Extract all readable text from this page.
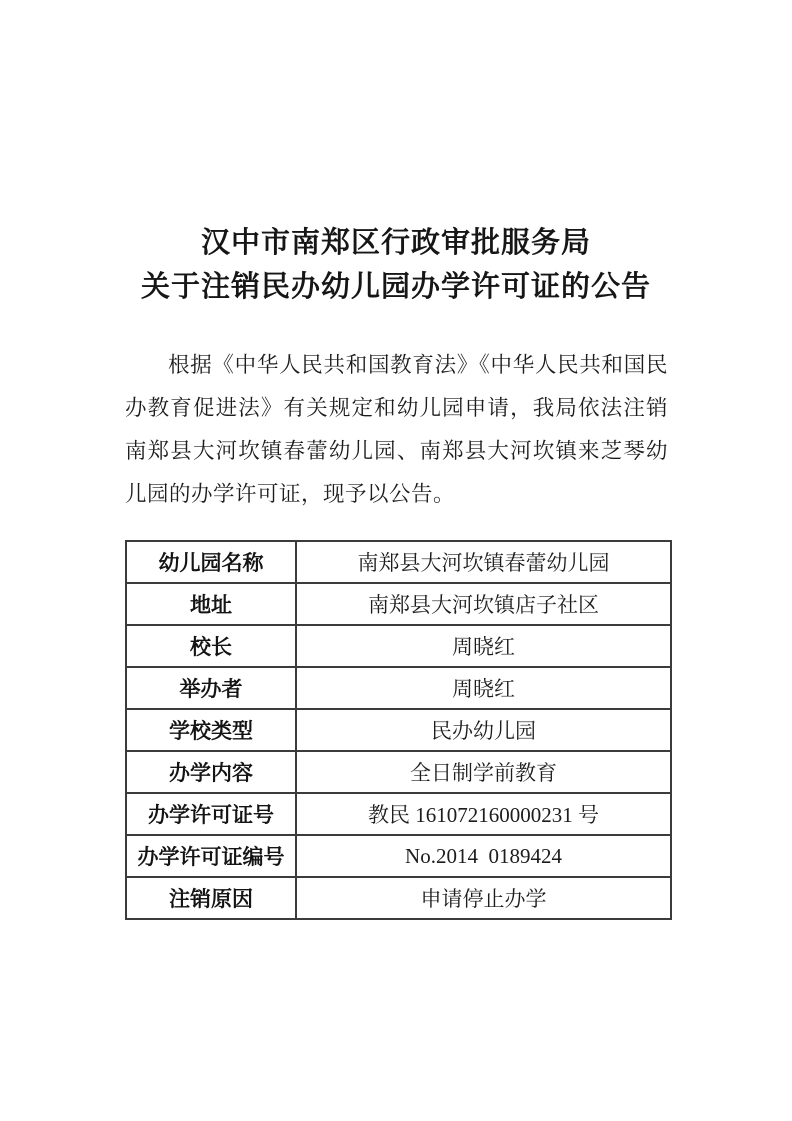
汉中市南郑区行政审批服务局
关于注销民办幼儿园办学许可证的公告

根据《中华人民共和国教育法》《中华人民共和国民办教育促进法》有关规定和幼儿园申请，我局依法注销南郑县大河坎镇春蕾幼儿园、南郑县大河坎镇来芝琴幼儿园的办学许可证，现予以公告。

幼儿园名称	南郑县大河坎镇春蕾幼儿园
地址	南郑县大河坎镇店子社区
校长	周晓红
举办者	周晓红
学校类型	民办幼儿园
办学内容	全日制学前教育
办学许可证号	教民 161072160000231 号
办学许可证编号	No.2014  0189424
注销原因	申请停止办学
